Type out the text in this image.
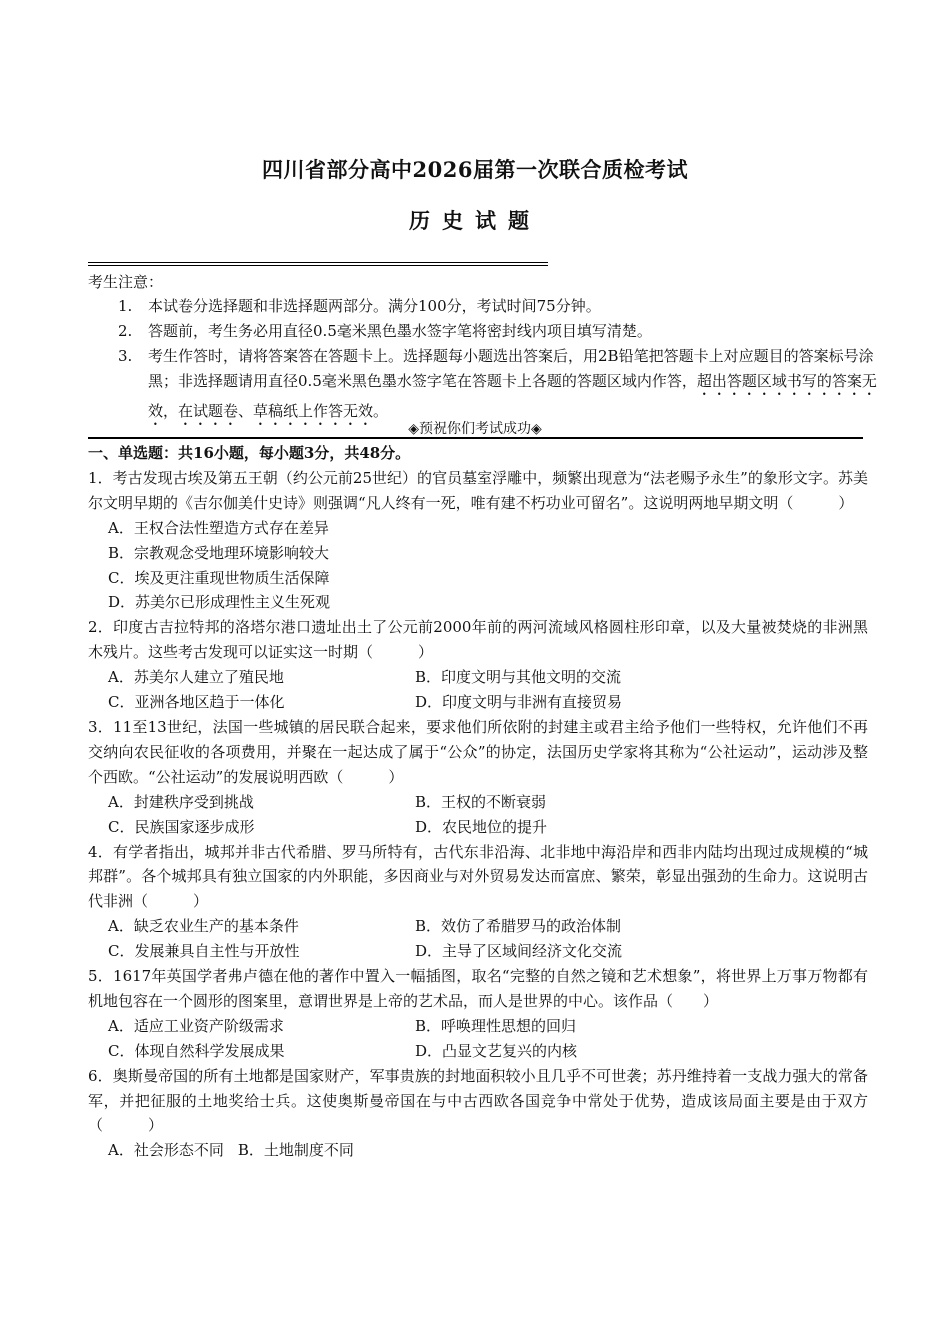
四川省部分高中2026届第一次联合质检考试
历史试题
考生注意：
1. 本试卷分选择题和非选择题两部分。满分100分，考试时间75分钟。
2. 答题前，考生务必用直径0.5毫米黑色墨水签字笔将密封线内项目填写清楚。
3. 考生作答时，请将答案答在答题卡上。选择题每小题选出答案后，用2B铅笔把答题卡上对应题目的答案标号涂黑；非选择题请用直径0.5毫米黑色墨水签字笔在答题卡上各题的答题区域内作答，超出答题区域书写的答案无效，在试题卷、草稿纸上作答无效。
◈预祝你们考试成功◈
一、单选题：共16小题，每小题3分，共48分。
1．考古发现古埃及第五王朝（约公元前25世纪）的官员墓室浮雕中，频繁出现意为“法老赐予永生”的象形文字。苏美尔文明早期的《吉尔伽美什史诗》则强调“凡人终有一死，唯有建不朽功业可留名”。这说明两地早期文明（　　　）
A．王权合法性塑造方式存在差异
B．宗教观念受地理环境影响较大
C．埃及更注重现世物质生活保障
D．苏美尔已形成理性主义生死观
2．印度古吉拉特邦的洛塔尔港口遗址出土了公元前2000年前的两河流域风格圆柱形印章，以及大量被焚烧的非洲黑木残片。这些考古发现可以证实这一时期（　　　）
A．苏美尔人建立了殖民地	B．印度文明与其他文明的交流
C．亚洲各地区趋于一体化	D．印度文明与非洲有直接贸易
3．11至13世纪，法国一些城镇的居民联合起来，要求他们所依附的封建主或君主给予他们一些特权，允许他们不再交纳向农民征收的各项费用，并聚在一起达成了属于“公众”的协定，法国历史学家将其称为“公社运动”，运动涉及整个西欧。“公社运动”的发展说明西欧（　　　）
A．封建秩序受到挑战	B．王权的不断衰弱
C．民族国家逐步成形	D．农民地位的提升
4．有学者指出，城邦并非古代希腊、罗马所特有，古代东非沿海、北非地中海沿岸和西非内陆均出现过成规模的“城邦群”。各个城邦具有独立国家的内外职能，多因商业与对外贸易发达而富庶、繁荣，彰显出强劲的生命力。这说明古代非洲（　　　）
A．缺乏农业生产的基本条件	B．效仿了希腊罗马的政治体制
C．发展兼具自主性与开放性	D．主导了区域间经济文化交流
5．1617年英国学者弗卢德在他的著作中置入一幅插图，取名“完整的自然之镜和艺术想象”，将世界上万事万物都有机地包容在一个圆形的图案里，意谓世界是上帝的艺术品，而人是世界的中心。该作品（　　）
A．适应工业资产阶级需求	B．呼唤理性思想的回归
C．体现自然科学发展成果	D．凸显文艺复兴的内核
6．奥斯曼帝国的所有土地都是国家财产，军事贵族的封地面积较小且几乎不可世袭；苏丹维持着一支战力强大的常备军，并把征服的土地奖给士兵。这使奥斯曼帝国在与中古西欧各国竞争中常处于优势，造成该局面主要是由于双方（　　　）
A．社会形态不同 B．土地制度不同
